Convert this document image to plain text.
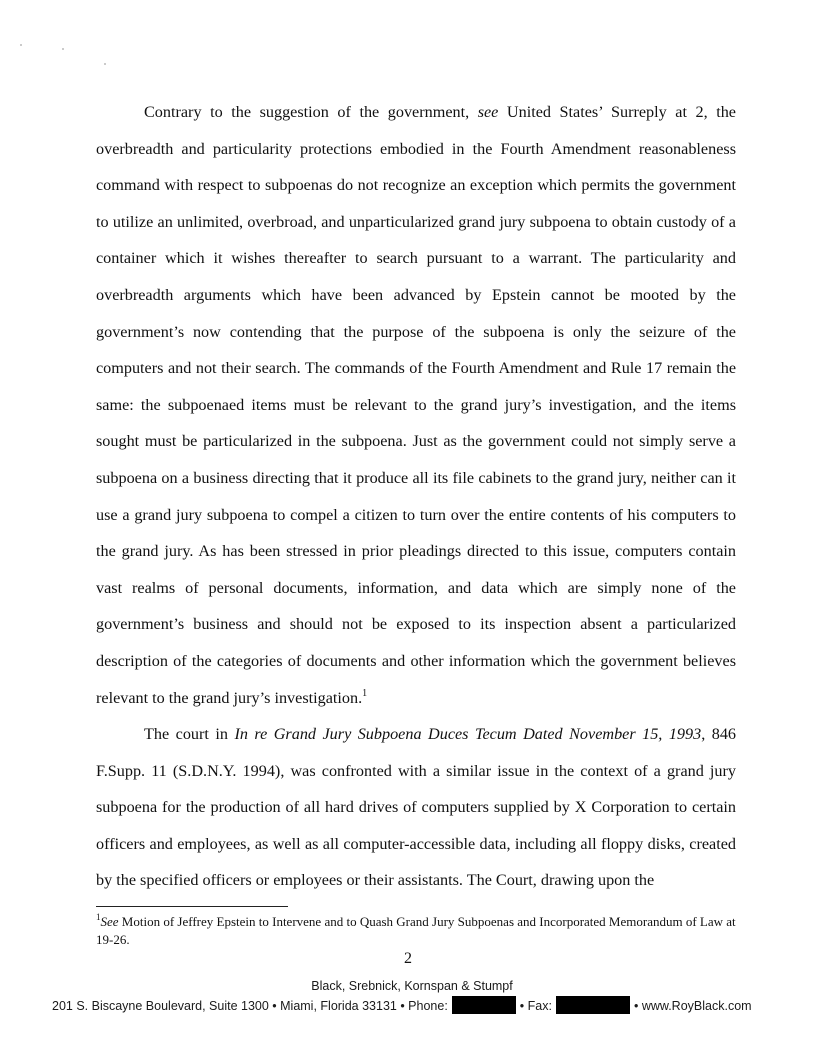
Contrary to the suggestion of the government, see United States’ Surreply at 2, the overbreadth and particularity protections embodied in the Fourth Amendment reasonableness command with respect to subpoenas do not recognize an exception which permits the government to utilize an unlimited, overbroad, and unparticularized grand jury subpoena to obtain custody of a container which it wishes thereafter to search pursuant to a warrant. The particularity and overbreadth arguments which have been advanced by Epstein cannot be mooted by the government’s now contending that the purpose of the subpoena is only the seizure of the computers and not their search. The commands of the Fourth Amendment and Rule 17 remain the same: the subpoenaed items must be relevant to the grand jury’s investigation, and the items sought must be particularized in the subpoena. Just as the government could not simply serve a subpoena on a business directing that it produce all its file cabinets to the grand jury, neither can it use a grand jury subpoena to compel a citizen to turn over the entire contents of his computers to the grand jury. As has been stressed in prior pleadings directed to this issue, computers contain vast realms of personal documents, information, and data which are simply none of the government’s business and should not be exposed to its inspection absent a particularized description of the categories of documents and other information which the government believes relevant to the grand jury’s investigation.$^1$

The court in In re Grand Jury Subpoena Duces Tecum Dated November 15, 1993, 846 F.Supp. 11 (S.D.N.Y. 1994), was confronted with a similar issue in the context of a grand jury subpoena for the production of all hard drives of computers supplied by X Corporation to certain officers and employees, as well as all computer-accessible data, including all floppy disks, created by the specified officers or employees or their assistants. The Court, drawing upon the

$^1$See Motion of Jeffrey Epstein to Intervene and to Quash Grand Jury Subpoenas and Incorporated Memorandum of Law at 19-26.
2
Black, Srebnick, Kornspan & Stumpf
201 S. Biscayne Boulevard, Suite 1300 • Miami, Florida 33131 • Phone:	• Fax:	• www.RoyBlack.com
